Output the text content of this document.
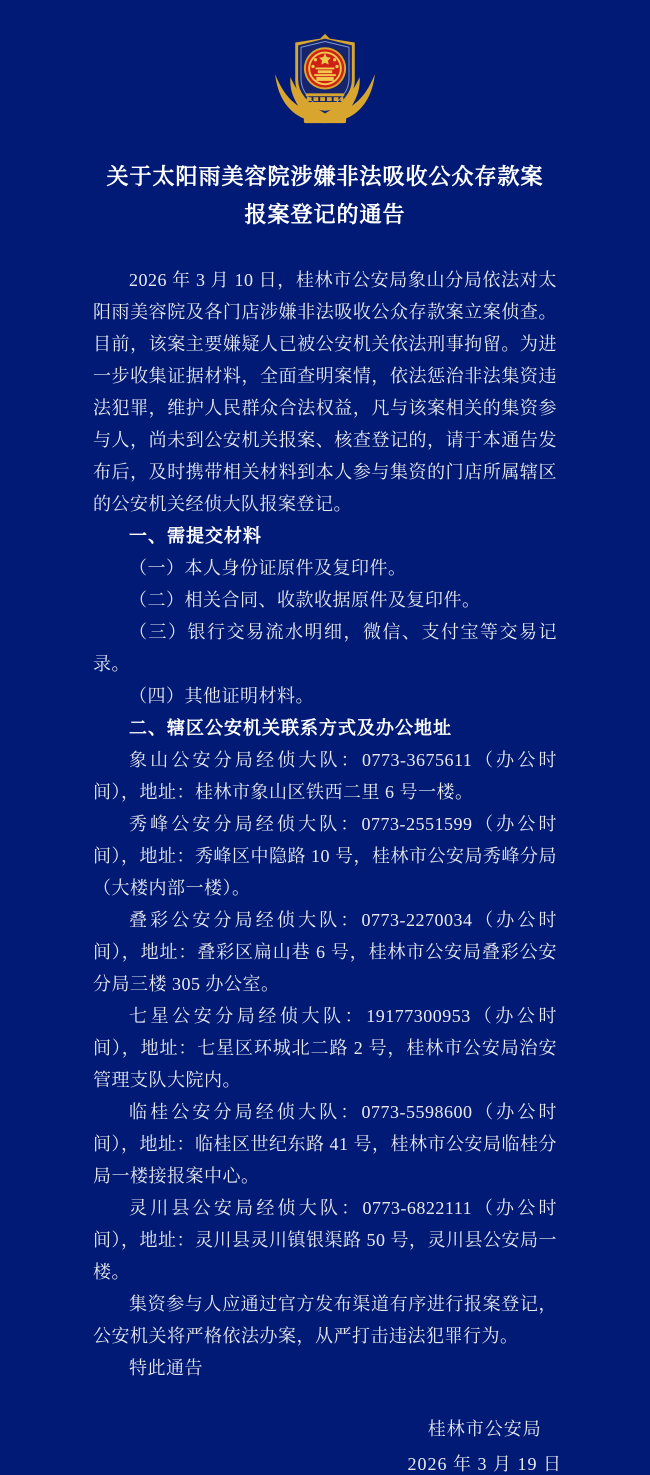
关于太阳雨美容院涉嫌非法吸收公众存款案
报案登记的通告

2026 年 3 月 10 日，桂林市公安局象山分局依法对太阳雨美容院及各门店涉嫌非法吸收公众存款案立案侦查。目前，该案主要嫌疑人已被公安机关依法刑事拘留。为进一步收集证据材料，全面查明案情，依法惩治非法集资违法犯罪，维护人民群众合法权益，凡与该案相关的集资参与人，尚未到公安机关报案、核查登记的，请于本通告发布后，及时携带相关材料到本人参与集资的门店所属辖区的公安机关经侦大队报案登记。

一、需提交材料

（一）本人身份证原件及复印件。

（二）相关合同、收款收据原件及复印件。

（三）银行交易流水明细，微信、支付宝等交易记录。

（四）其他证明材料。

二、辖区公安机关联系方式及办公地址

象山公安分局经侦大队：0773-3675611（办公时间），地址：桂林市象山区铁西二里 6 号一楼。

秀峰公安分局经侦大队：0773-2551599（办公时间），地址：秀峰区中隐路 10 号，桂林市公安局秀峰分局（大楼内部一楼）。

叠彩公安分局经侦大队：0773-2270034（办公时间），地址：叠彩区扁山巷 6 号，桂林市公安局叠彩公安分局三楼 305 办公室。

七星公安分局经侦大队：19177300953（办公时间），地址：七星区环城北二路 2 号，桂林市公安局治安管理支队大院内。

临桂公安分局经侦大队：0773-5598600（办公时间），地址：临桂区世纪东路 41 号，桂林市公安局临桂分局一楼接报案中心。

灵川县公安局经侦大队：0773-6822111（办公时间），地址：灵川县灵川镇银渠路 50 号，灵川县公安局一楼。

集资参与人应通过官方发布渠道有序进行报案登记，公安机关将严格依法办案，从严打击违法犯罪行为。

特此通告

桂林市公安局
2026 年 3 月 19 日
